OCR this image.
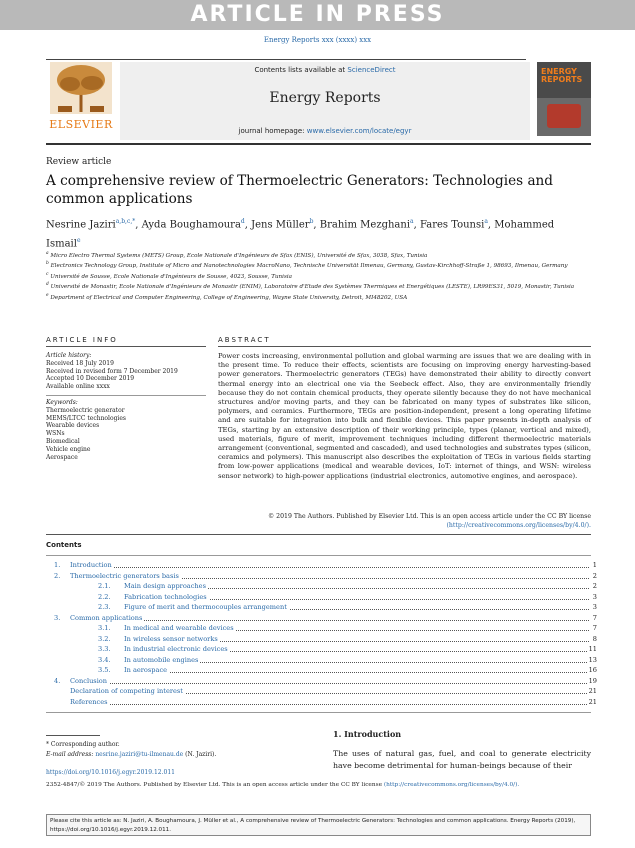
ARTICLE IN PRESS
Energy Reports xxx (xxxx) xxx
ELSEVIER
Contents lists available at ScienceDirect
Energy Reports
journal homepage: www.elsevier.com/locate/egyr
ENERGY REPORTS
Review article
A comprehensive review of Thermoelectric Generators: Technologies and common applications
Nesrine Jaziri$^{a,b,c,*}$, Ayda Boughamoura$^d$, Jens Müller$^b$, Brahim Mezghani$^a$, Fares Tounsi$^a$, Mohammed Ismail$^e$
$^a$ Micro Electro Thermal Systems (METS) Group, Ecole Nationale d'Ingénieurs de Sfax (ENIS), Université de Sfax, 3038, Sfax, Tunisia
$^b$ Electronics Technology Group, Institute of Micro and Nanotechnologies MacroNano, Technische Universität Ilmenau, Germany, Gustav-Kirchhoff-Straße 1, 98693, Ilmenau, Germany
$^c$ Université de Sousse, Ecole Nationale d'Ingénieurs de Sousse, 4023, Sousse, Tunisia
$^d$ Université de Monastir, Ecole Nationale d'Ingénieurs de Monastir (ENIM), Laboratoire d'Etude des Systèmes Thermiques et Energétiques (LESTE), LR99ES31, 5019, Monastir, Tunisia
$^e$ Department of Electrical and Computer Engineering, College of Engineering, Wayne State University, Detroit, MI48202, USA
ARTICLE INFO	ABSTRACT
Article history:
Received 18 July 2019
Received in revised form 7 December 2019
Accepted 10 December 2019
Available online xxxx
Keywords:
Thermoelectric generator
MEMS/LTCC technologies
Wearable devices
WSNs
Biomedical
Vehicle engine
Aerospace
Power costs increasing, environmental pollution and global warming are issues that we are dealing with in the present time. To reduce their effects, scientists are focusing on improving energy harvesting-based power generators. Thermoelectric generators (TEGs) have demonstrated their ability to directly convert thermal energy into an electrical one via the Seebeck effect. Also, they are environmentally friendly because they do not contain chemical products, they operate silently because they do not have mechanical structures and/or moving parts, and they can be fabricated on many types of substrates like silicon, polymers, and ceramics. Furthermore, TEGs are position-independent, present a long operating lifetime and are suitable for integration into bulk and flexible devices. This paper presents in-depth analysis of TEGs, starting by an extensive description of their working principle, types (planar, vertical and mixed), used materials, figure of merit, improvement techniques including different thermoelectric materials arrangement (conventional, segmented and cascaded), and used technologies and substrates types (silicon, ceramics and polymers). This manuscript also describes the exploitation of TEGs in various fields starting from low-power applications (medical and wearable devices, IoT: internet of things, and WSN: wireless sensor network) to high-power applications (industrial electronics, automotive engines, and aerospace).
© 2019 The Authors. Published by Elsevier Ltd. This is an open access article under the CC BY license (http://creativecommons.org/licenses/by/4.0/).
Contents
1. Introduction	1
2. Thermoelectric generators basis	2
2.1. Main design approaches	2
2.2. Fabrication technologies	3
2.3. Figure of merit and thermocouples arrangement	3
3. Common applications	7
3.1. In medical and wearable devices	7
3.2. In wireless sensor networks	8
3.3. In industrial electronic devices	11
3.4. In automobile engines	13
3.5. In aerospace	16
4. Conclusion	19
Declaration of competing interest	21
References	21
* Corresponding author.
E-mail address: nesrine.jaziri@tu-ilmenau.de (N. Jaziri).
1. Introduction
The uses of natural gas, fuel, and coal to generate electricity have become detrimental for human-beings because of their
https://doi.org/10.1016/j.egyr.2019.12.011
2352-4847/© 2019 The Authors. Published by Elsevier Ltd. This is an open access article under the CC BY license (http://creativecommons.org/licenses/by/4.0/).
Please cite this article as: N. Jaziri, A. Boughamoura, J. Müller et al., A comprehensive review of Thermoelectric Generators: Technologies and common applications. Energy Reports (2019), https://doi.org/10.1016/j.egyr.2019.12.011.
